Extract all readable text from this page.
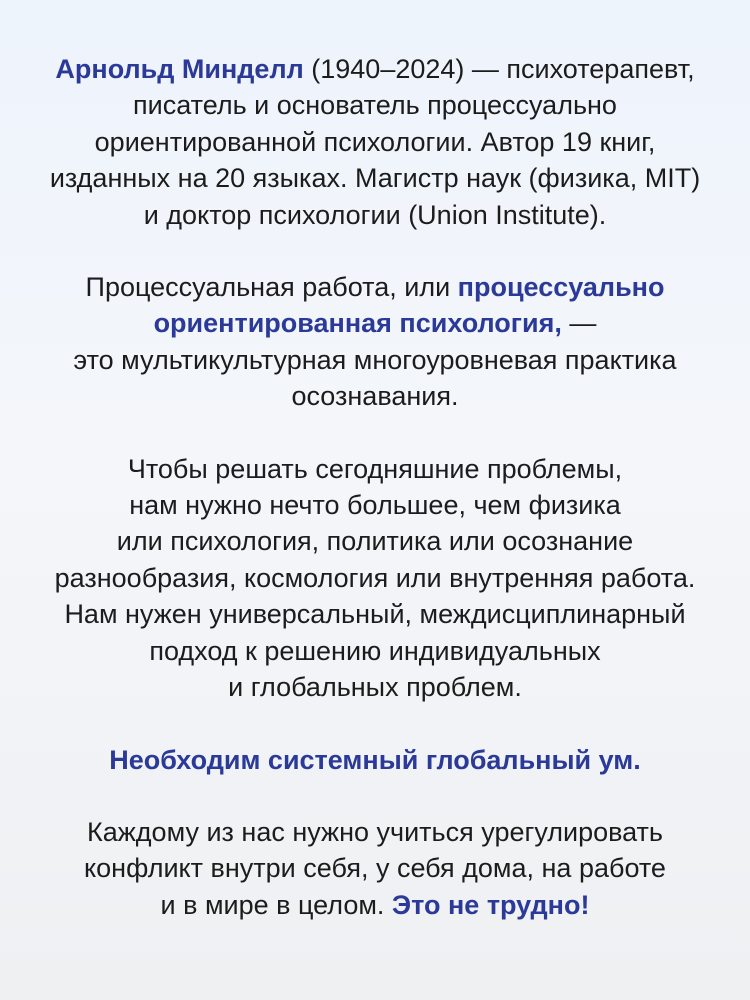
Арнольд Минделл (1940–2024) — психотерапевт,
писатель и основатель процессуально
ориентированной психологии. Автор 19 книг,
изданных на 20 языках. Магистр наук (физика, MIT)
и доктор психологии (Union Institute).
Процессуальная работа, или процессуально
ориентированная психология, —
это мультикультурная многоуровневая практика
осознавания.
Чтобы решать сегодняшние проблемы,
нам нужно нечто большее, чем физика
или психология, политика или осознание
разнообразия, космология или внутренняя работа.
Нам нужен универсальный, междисциплинарный
подход к решению индивидуальных
и глобальных проблем.
Необходим системный глобальный ум.
Каждому из нас нужно учиться урегулировать
конфликт внутри себя, у себя дома, на работе
и в мире в целом. Это не трудно!
